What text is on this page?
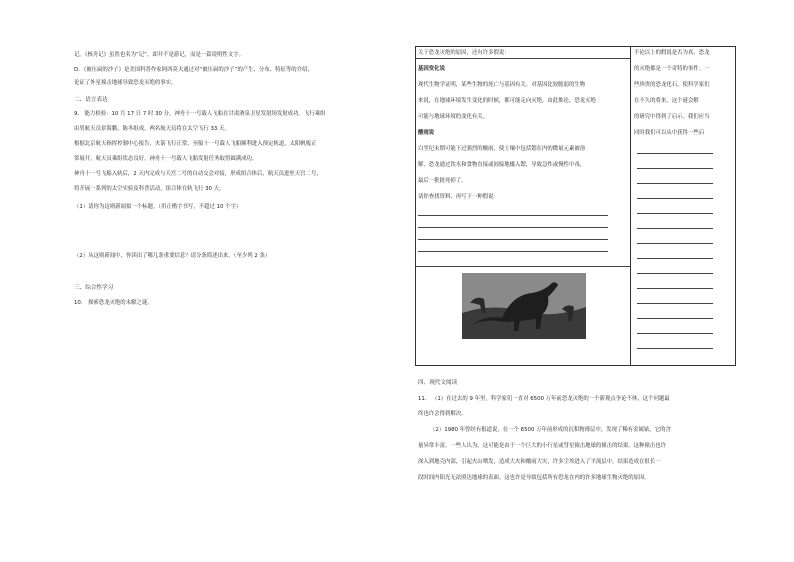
记。《核舟记》虽然也名为“记”，却并不是游记，而是一篇说明性文字。
D．《被压扁的沙子》是美国科普作家阿西莫夫通过对“被压扁的沙子”的产生、分布、特征等的介绍，
论证了外星撞击地球导致恐龙灭绝的事实。
二、语言表达
9． 能力检验：10 月 17 日 7 时 30 分，神舟十一号载人飞船在甘肃酒泉卫星发射场发射成功。飞行乘组
由男航天员景海鹏、陈冬组成，两名航天员将在太空飞行 33 天。
根据北京航天指挥控制中心报告，火箭飞行正常，至船十一号载人飞船顺利进入预定轨道，太阳帆板正
常展开，航天员乘组状态良好。神舟十一号载人飞船发射任务取得圆满成功。
神舟十一号飞船入轨后，2 天内完成与天宫二号的自动交会对接，形成组合体后，航天员进驻天宫二号，
将开展一系列的太空实验及科普活动，组合体在轨飞行 30 天。
（1）请你为这则新闻拟一个标题。（用正楷字书写，不超过 10 个字）
（2）从这则新闻中，你读出了哪几条重要信息？请分条简述出来。（至少列 2 条）
三、综合性学习
10． 探索恐龙灭绝的未解之谜。
关于恐龙灭绝的原因，还有许多假说：
基因变化说
现代生物学证明，某些生物的死亡与基因有关。对基因比较脆弱的生物
来说，在地球环境发生变化的时候，都可能走向灭绝。由此推论，恐龙灭绝
可能与地球环境的变化有关。
酸雨说
白垩纪末期可能下过强烈的酸雨，使土壤中包括锶在内的微量元素被溶
解，恐龙通过饮水和食物直接或间接地摄入锶，导致急性或慢性中毒，
最后一批批死掉了。
请你查找资料，再写下一种假说：
不论以上的假说是否为真，恐龙
的灭绝都是一个奇特的事件。一
些珍贵的恐龙化石，使科学家们
在不久的将来，这个谜会解
的研究中得到了启示。我们应当
同时我们可以从中获得一些启
四、现代文阅读
11． （1）在过去的 9 年里，科学家们一直对 6500 万年前恐龙灭绝的一个新观点争论不休，这个问题最
终也许会得到解决。
（2）1980 年曾经有报道说，在一个 6500 万年前形成的沉积物薄层中，发现了稀有金属铱，它的含
量异常丰富。一些人认为，这可能是由于一个巨大的小行星或彗星撞击地球的撞击的结果。这种撞击也许
深入到地壳内部，引起火山喷发，造成大火和酸雨大灾，许多尘埃进入了平流层中，结果造成在很长一
段时间内阳光无法照达地球的表面。这也许是导致包括所有恐龙在内的许多地球生物灭绝的原因。
